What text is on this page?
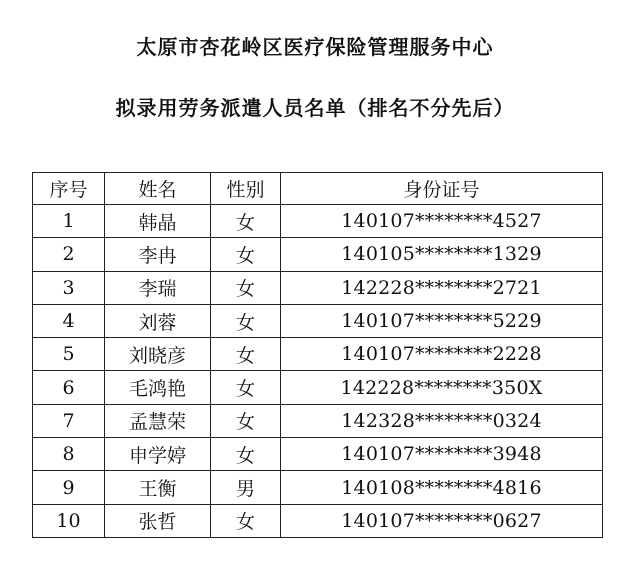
太原市杏花岭区医疗保险管理服务中心
拟录用劳务派遣人员名单（排名不分先后）
序号	姓名	性别	身份证号
1	韩晶	女	140107********4527
2	李冉	女	140105********1329
3	李瑞	女	142228********2721
4	刘蓉	女	140107********5229
5	刘晓彦	女	140107********2228
6	毛鸿艳	女	142228********350X
7	孟慧荣	女	142328********0324
8	申学婷	女	140107********3948
9	王衡	男	140108********4816
10	张哲	女	140107********0627
